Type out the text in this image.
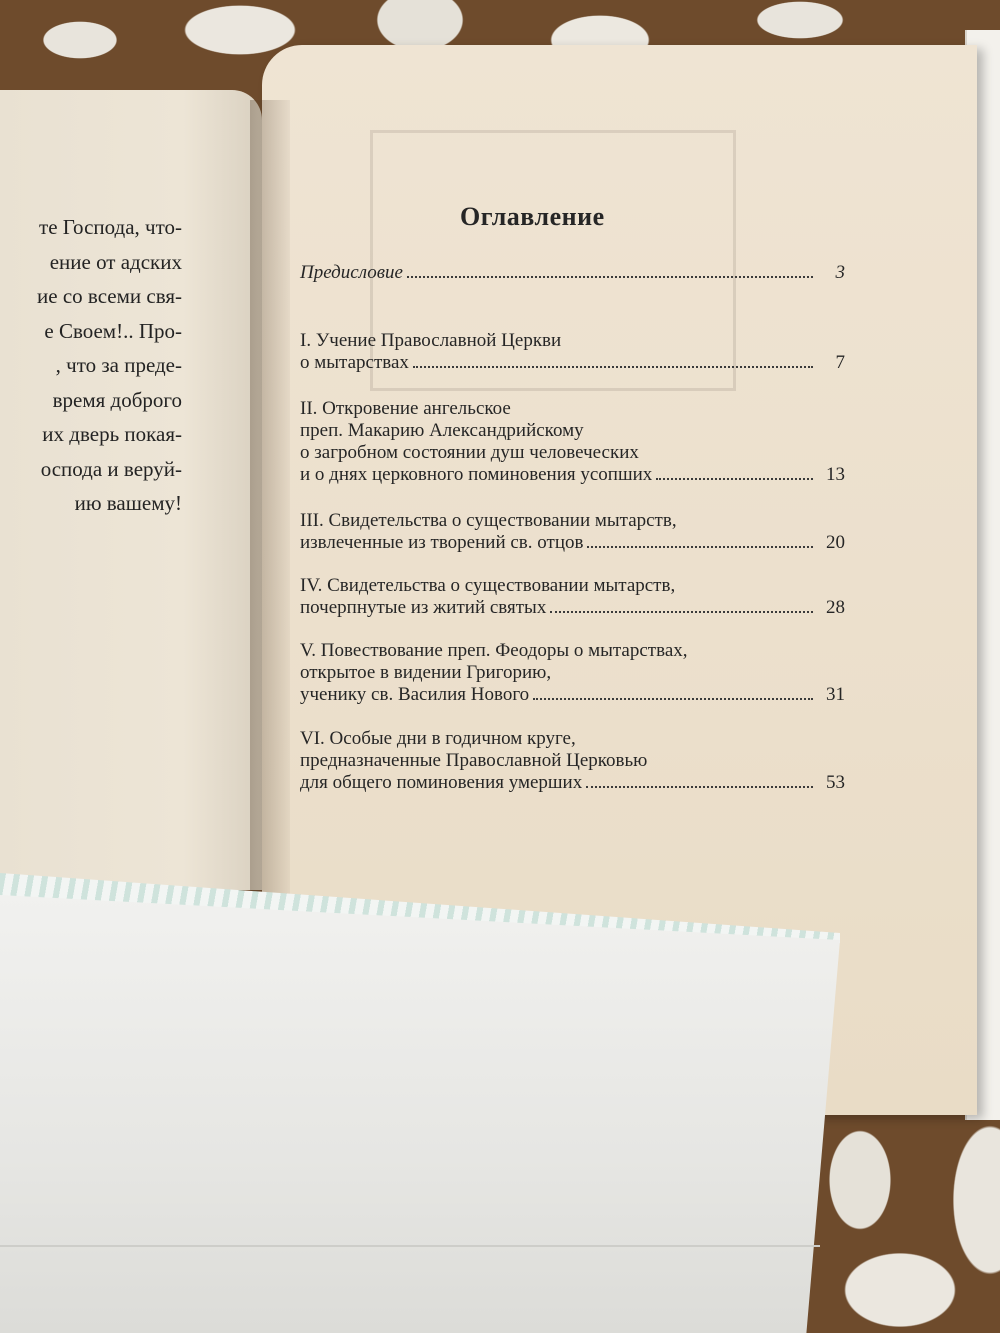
те Господа, что-
ение от адских
ие со всеми свя-
е Своем!.. Про-
, что за преде-
время доброго
их дверь покая-
оспода и веруй-
ию вашему!
Оглавление
Предисловие	3
I. Учение Православной Церкви
о мытарствах	7
II. Откровение ангельское
преп. Макарию Александрийскому
о загробном состоянии душ человеческих
и о днях церковного поминовения усопших	13
III. Свидетельства о существовании мытарств,
извлеченные из творений св. отцов	20
IV. Свидетельства о существовании мытарств,
почерпнутые из житий святых	28
V. Повествование преп. Феодоры о мытарствах,
открытое в видении Григорию,
ученику св. Василия Нового	31
VI. Особые дни в годичном круге,
предназначенные Православной Церковью
для общего поминовения умерших	53
